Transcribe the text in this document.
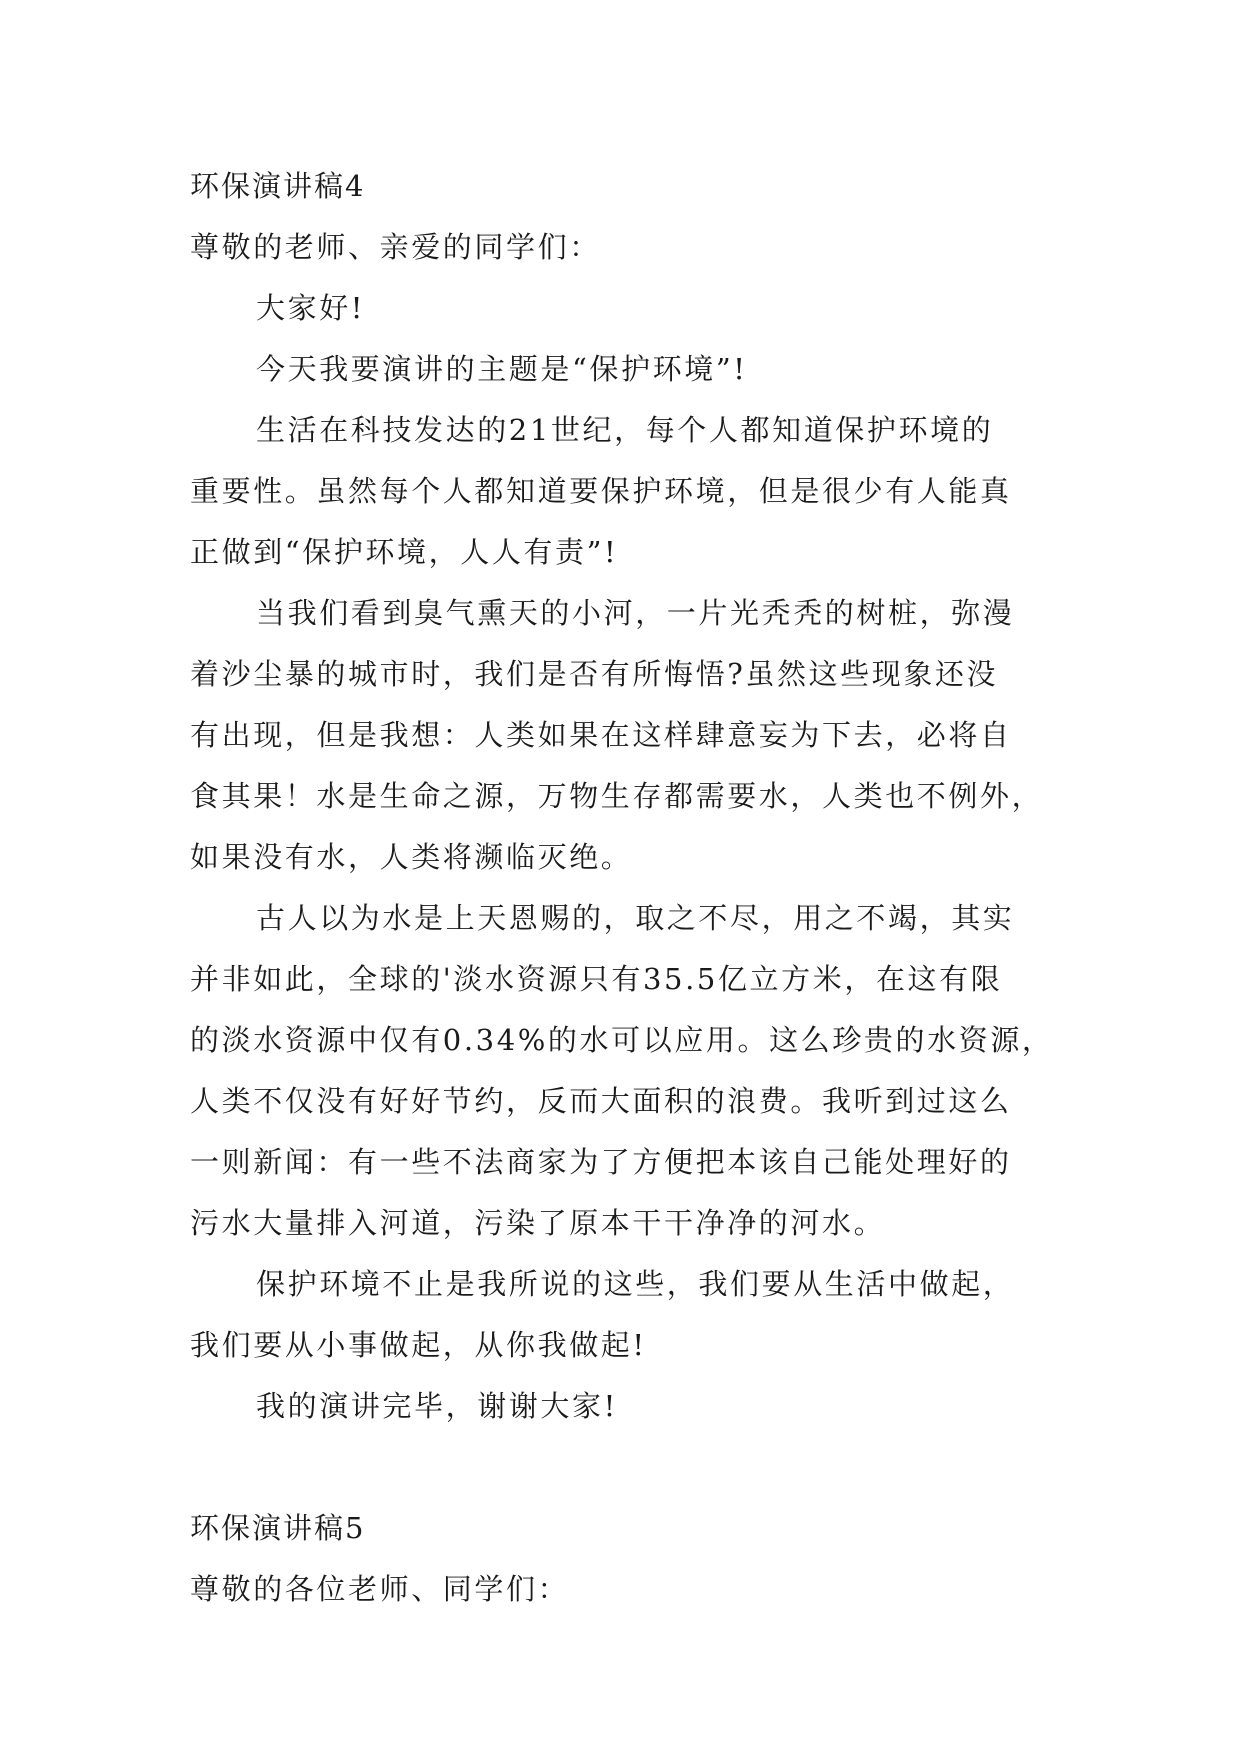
环保演讲稿4
尊敬的老师、亲爱的同学们：
大家好!
今天我要演讲的主题是“保护环境”!
生活在科技发达的21世纪，每个人都知道保护环境的
重要性。虽然每个人都知道要保护环境，但是很少有人能真
正做到“保护环境，人人有责”!
当我们看到臭气熏天的小河，一片光秃秃的树桩，弥漫
着沙尘暴的城市时，我们是否有所悔悟?虽然这些现象还没
有出现，但是我想：人类如果在这样肆意妄为下去，必将自
食其果！水是生命之源，万物生存都需要水，人类也不例外，
如果没有水，人类将濒临灭绝。
古人以为水是上天恩赐的，取之不尽，用之不竭，其实
并非如此，全球的'淡水资源只有35.5亿立方米，在这有限
的淡水资源中仅有0.34%的水可以应用。这么珍贵的水资源，
人类不仅没有好好节约，反而大面积的浪费。我听到过这么
一则新闻：有一些不法商家为了方便把本该自己能处理好的
污水大量排入河道，污染了原本干干净净的河水。
保护环境不止是我所说的这些，我们要从生活中做起，
我们要从小事做起，从你我做起!
我的演讲完毕，谢谢大家!
环保演讲稿5
尊敬的各位老师、同学们：
